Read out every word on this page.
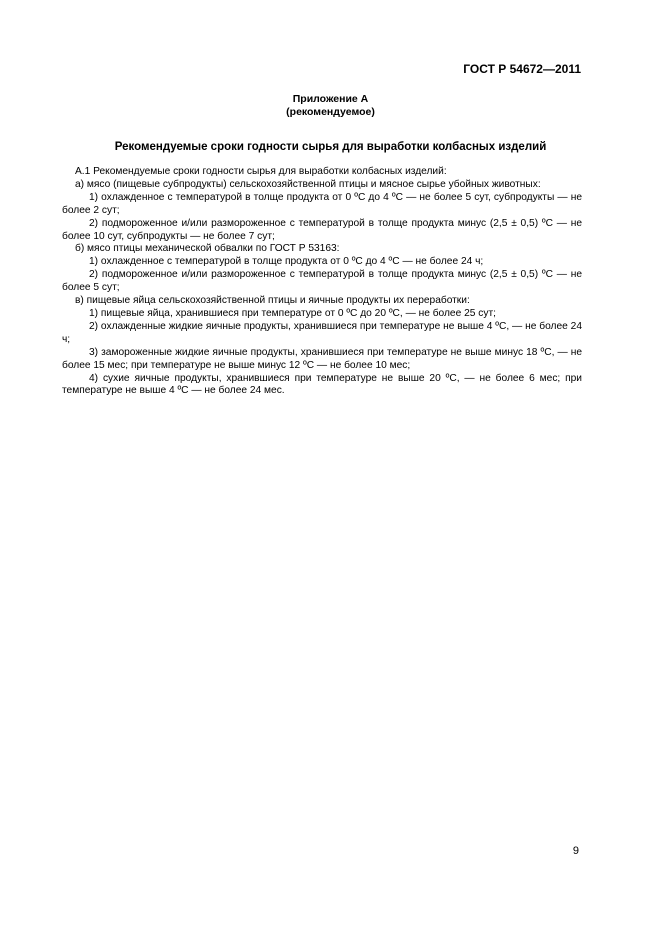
ГОСТ Р 54672—2011
Приложение А
(рекомендуемое)
Рекомендуемые сроки годности сырья для выработки колбасных изделий

А.1 Рекомендуемые сроки годности сырья для выработки колбасных изделий:

а) мясо (пищевые субпродукты) сельскохозяйственной птицы и мясное сырье убойных животных:

1) охлажденное с температурой в толще продукта от 0 ºС до 4 ºС — не более 5 сут, субпродукты — не более 2 сут;

2) подмороженное и/или размороженное с температурой в толще продукта минус (2,5 ± 0,5) ºС — не более 10 сут, субпродукты — не более 7 сут;

б) мясо птицы механической обвалки по ГОСТ Р 53163:

1) охлажденное с температурой в толще продукта от 0 ºС до 4 ºС — не более 24 ч;

2) подмороженное и/или размороженное с температурой в толще продукта минус (2,5 ± 0,5) ºС — не более 5 сут;

в) пищевые яйца сельскохозяйственной птицы и яичные продукты их переработки:

1) пищевые яйца, хранившиеся при температуре от 0 ºС до 20 ºС, — не более 25 сут;

2) охлажденные жидкие яичные продукты, хранившиеся при температуре не выше 4 ºС, — не более 24 ч;

3) замороженные жидкие яичные продукты, хранившиеся при температуре не выше минус 18 ºС, — не более 15 мес; при температуре не выше минус 12 ºС — не более 10 мес;

4) сухие яичные продукты, хранившиеся при температуре не выше 20 ºС, — не более 6 мес; при температуре не выше 4 ºС — не более 24 мес.

9
